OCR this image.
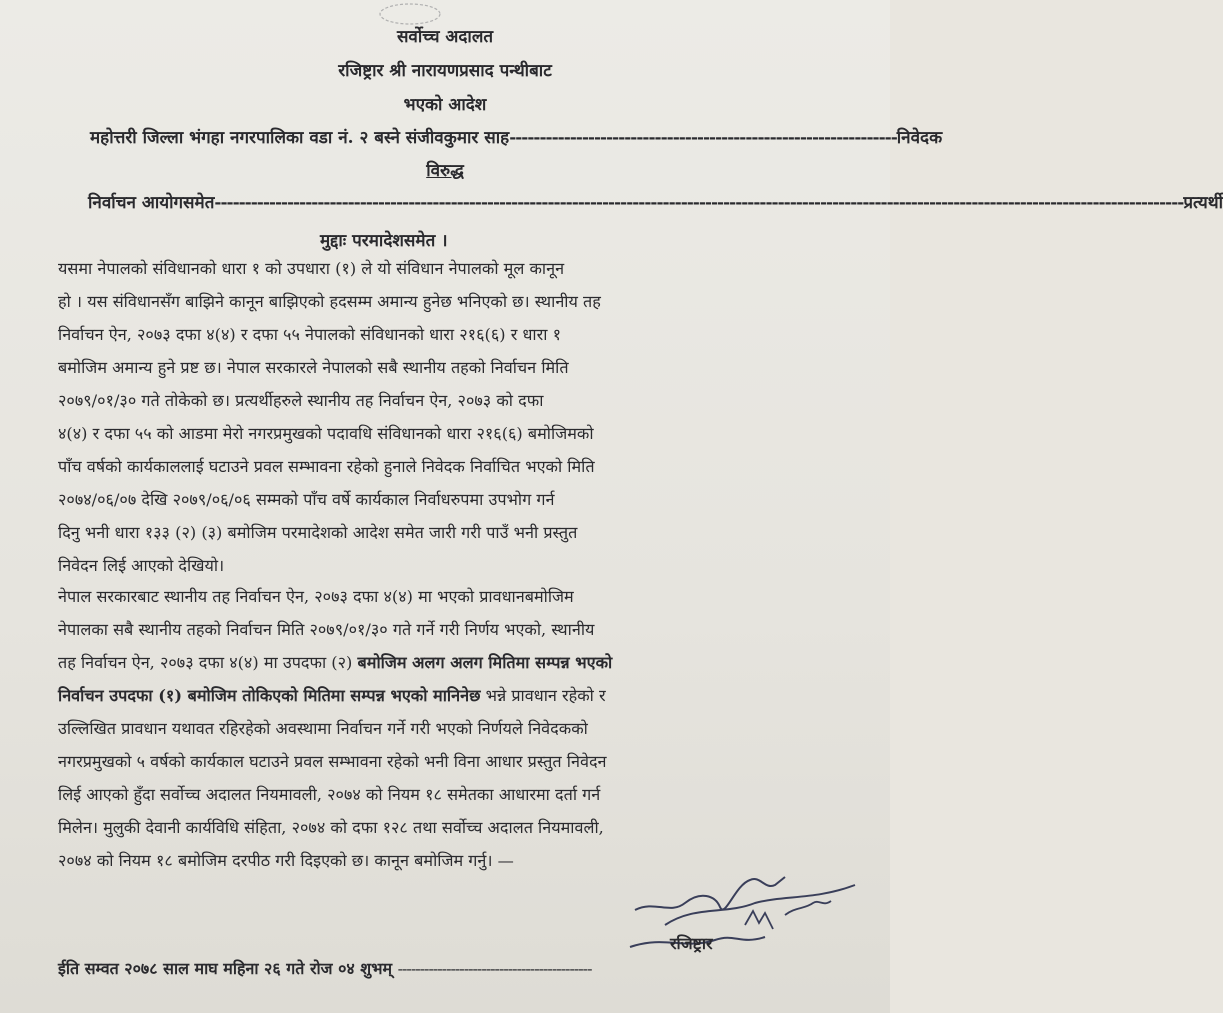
सर्वोच्च अदालत
रजिष्ट्रार श्री नारायणप्रसाद पन्थीबाट
भएको आदेश
महोत्तरी जिल्ला भंगहा नगरपालिका वडा नं. २ बस्ने संजीवकुमार साह ---------------------------------------------------------------- निवेदक
विरुद्ध
निर्वाचन आयोगसमेत ---------------------------------------------------------------------------------------------------------------------------------------------------------------- प्रत्यर्थी
मुद्दाः परमादेशसमेत ।
यसमा नेपालको संविधानको धारा १ को उपधारा (१) ले यो संविधान नेपालको मूल कानून
हो । यस संविधानसँग बाझिने कानून बाझिएको हदसम्म अमान्य हुनेछ भनिएको छ। स्थानीय तह
निर्वाचन ऐन, २०७३ दफा ४(४) र दफा ५५ नेपालको संविधानको धारा २१६(६) र धारा १
बमोजिम अमान्य हुने प्रष्ट छ। नेपाल सरकारले नेपालको सबै स्थानीय तहको निर्वाचन मिति
२०७९/०१/३० गते तोकेको छ। प्रत्यर्थीहरुले स्थानीय तह निर्वाचन ऐन, २०७३ को दफा
४(४) र दफा ५५ को आडमा मेरो नगरप्रमुखको पदावधि संविधानको धारा २१६(६) बमोजिमको
पाँच वर्षको कार्यकाललाई घटाउने प्रवल सम्भावना रहेको हुनाले निवेदक निर्वाचित भएको मिति
२०७४/०६/०७ देखि २०७९/०६/०६ सम्मको पाँच वर्षे कार्यकाल निर्वाधरुपमा उपभोग गर्न
दिनु भनी धारा १३३ (२) (३) बमोजिम परमादेशको आदेश समेत जारी गरी पाउँ भनी प्रस्तुत
निवेदन लिई आएको देखियो।
नेपाल सरकारबाट स्थानीय तह निर्वाचन ऐन, २०७३ दफा ४(४) मा भएको प्रावधानबमोजिम
नेपालका सबै स्थानीय तहको निर्वाचन मिति २०७९/०१/३० गते गर्ने गरी निर्णय भएको, स्थानीय
तह निर्वाचन ऐन, २०७३ दफा ४(४) मा उपदफा (२) बमोजिम अलग अलग मितिमा सम्पन्न भएको
निर्वाचन उपदफा (१) बमोजिम तोकिएको मितिमा सम्पन्न भएको मानिनेछ भन्ने प्रावधान रहेको र
उल्लिखित प्रावधान यथावत रहिरहेको अवस्थामा निर्वाचन गर्ने गरी भएको निर्णयले निवेदकको
नगरप्रमुखको ५ वर्षको कार्यकाल घटाउने प्रवल सम्भावना रहेको भनी विना आधार प्रस्तुत निवेदन
लिई आएको हुँदा सर्वोच्च अदालत नियमावली, २०७४ को नियम १८ समेतका आधारमा दर्ता गर्न
मिलेन। मुलुकी देवानी कार्यविधि संहिता, २०७४ को दफा १२८ तथा सर्वोच्च अदालत नियमावली,
२०७४ को नियम १८ बमोजिम दरपीठ गरी दिइएको छ। कानून बमोजिम गर्नु। —
रजिष्ट्रार
ईति सम्वत २०७८ साल माघ महिना २६ गते रोज ०४ शुभम् --------------------------------------------
